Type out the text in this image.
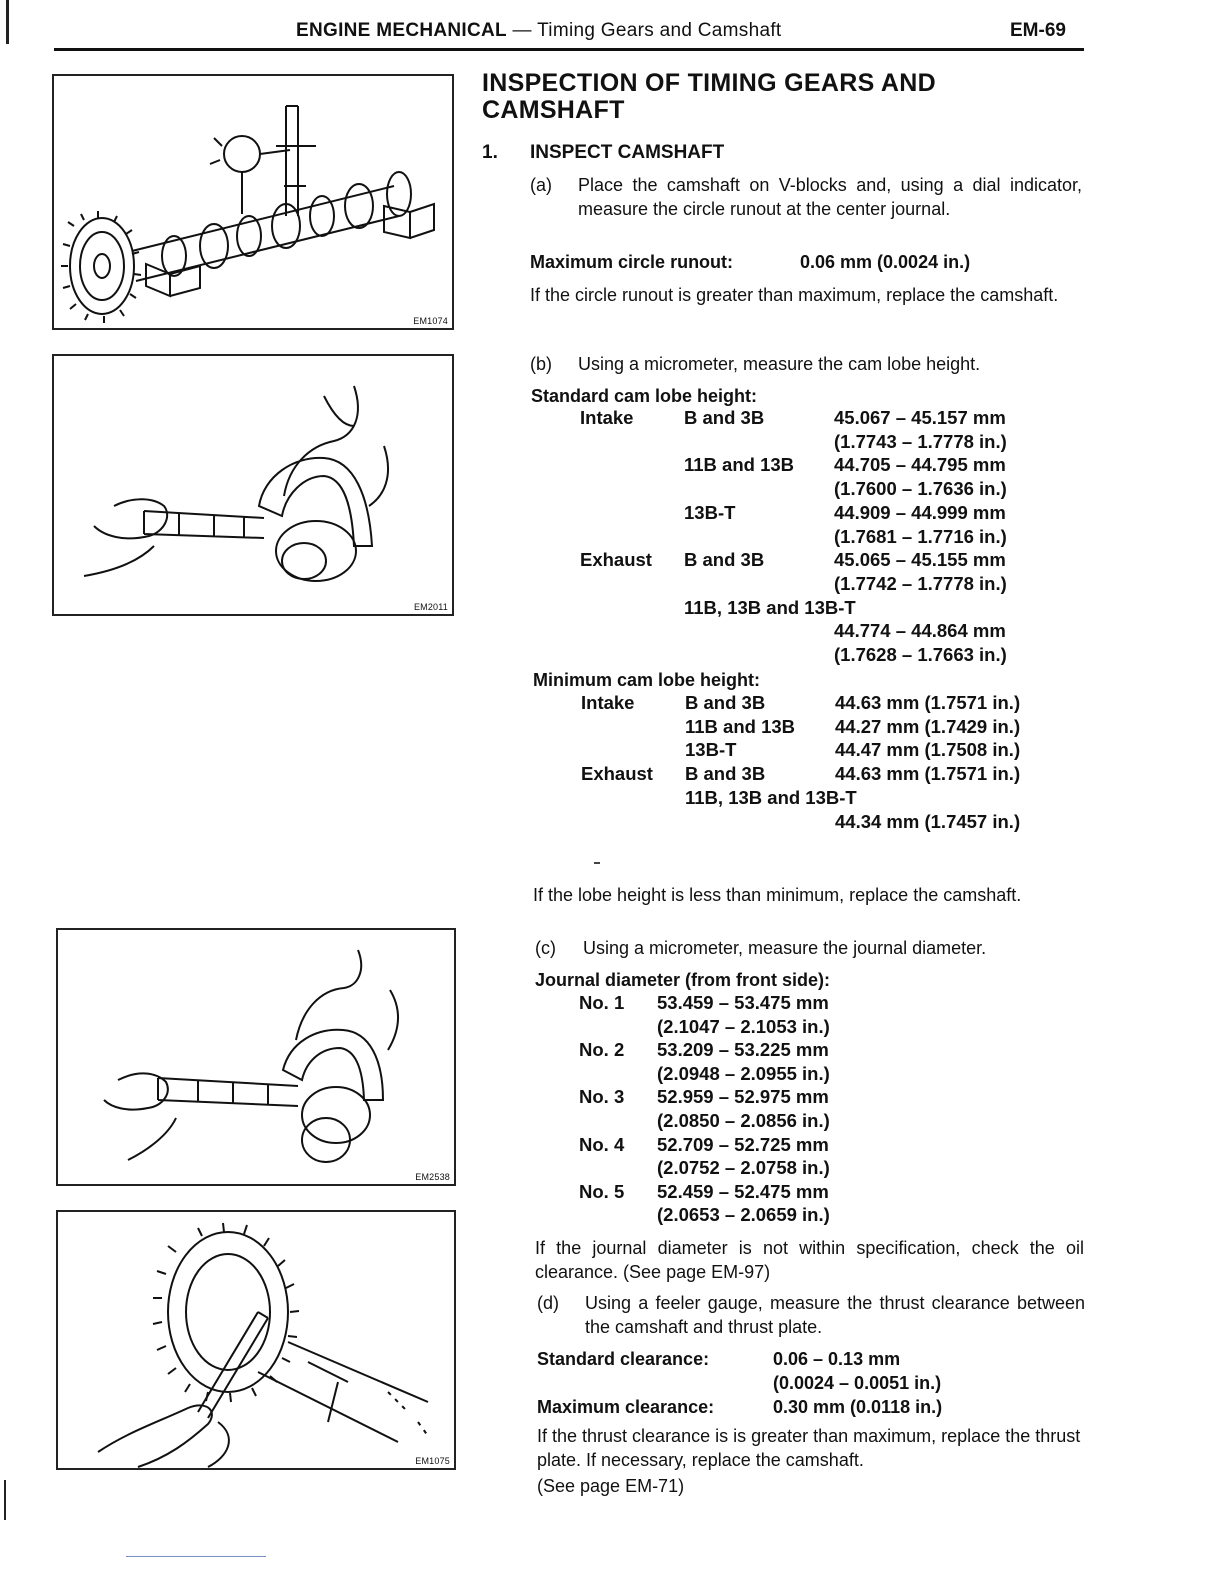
ENGINE MECHANICAL — Timing Gears and Camshaft	EM-69
EM1074
EM2011
EM2538
EM1075
INSPECTION OF TIMING GEARS AND CAMSHAFT
1. INSPECT CAMSHAFT
(a) Place the camshaft on V-blocks and, using a dial indicator, measure the circle runout at the center journal.
Maximum circle runout:	0.06 mm (0.0024 in.)
If the circle runout is greater than maximum, replace the camshaft.
(b) Using a micrometer, measure the cam lobe height.
Standard cam lobe height:
Intake	B and 3B	45.067 – 45.157 mm
(1.7743 – 1.7778 in.)
11B and 13B 44.705 – 44.795 mm
(1.7600 – 1.7636 in.)
13B-T	44.909 – 44.999 mm
(1.7681 – 1.7716 in.)
Exhaust B and 3B	45.065 – 45.155 mm
(1.7742 – 1.7778 in.)
11B, 13B and 13B-T
44.774 – 44.864 mm
(1.7628 – 1.7663 in.)
Minimum cam lobe height:
Intake	B and 3B	44.63 mm (1.7571 in.)
11B and 13B 44.27 mm (1.7429 in.)
13B-T	44.47 mm (1.7508 in.)
Exhaust B and 3B	44.63 mm (1.7571 in.)
11B, 13B and 13B-T
44.34 mm (1.7457 in.)
If the lobe height is less than minimum, replace the camshaft.
(c) Using a micrometer, measure the journal diameter.
Journal diameter (from front side):
No. 1 53.459 – 53.475 mm
(2.1047 – 2.1053 in.)
No. 2 53.209 – 53.225 mm
(2.0948 – 2.0955 in.)
No. 3 52.959 – 52.975 mm
(2.0850 – 2.0856 in.)
No. 4 52.709 – 52.725 mm
(2.0752 – 2.0758 in.)
No. 5 52.459 – 52.475 mm
(2.0653 – 2.0659 in.)
If the journal diameter is not within specification, check the oil clearance. (See page EM-97)
(d) Using a feeler gauge, measure the thrust clearance between the camshaft and thrust plate.
Standard clearance:	0.06 – 0.13 mm
(0.0024 – 0.0051 in.)
Maximum clearance:	0.30 mm (0.0118 in.)
If the thrust clearance is is greater than maximum, replace the thrust plate. If necessary, replace the camshaft.
(See page EM-71)
